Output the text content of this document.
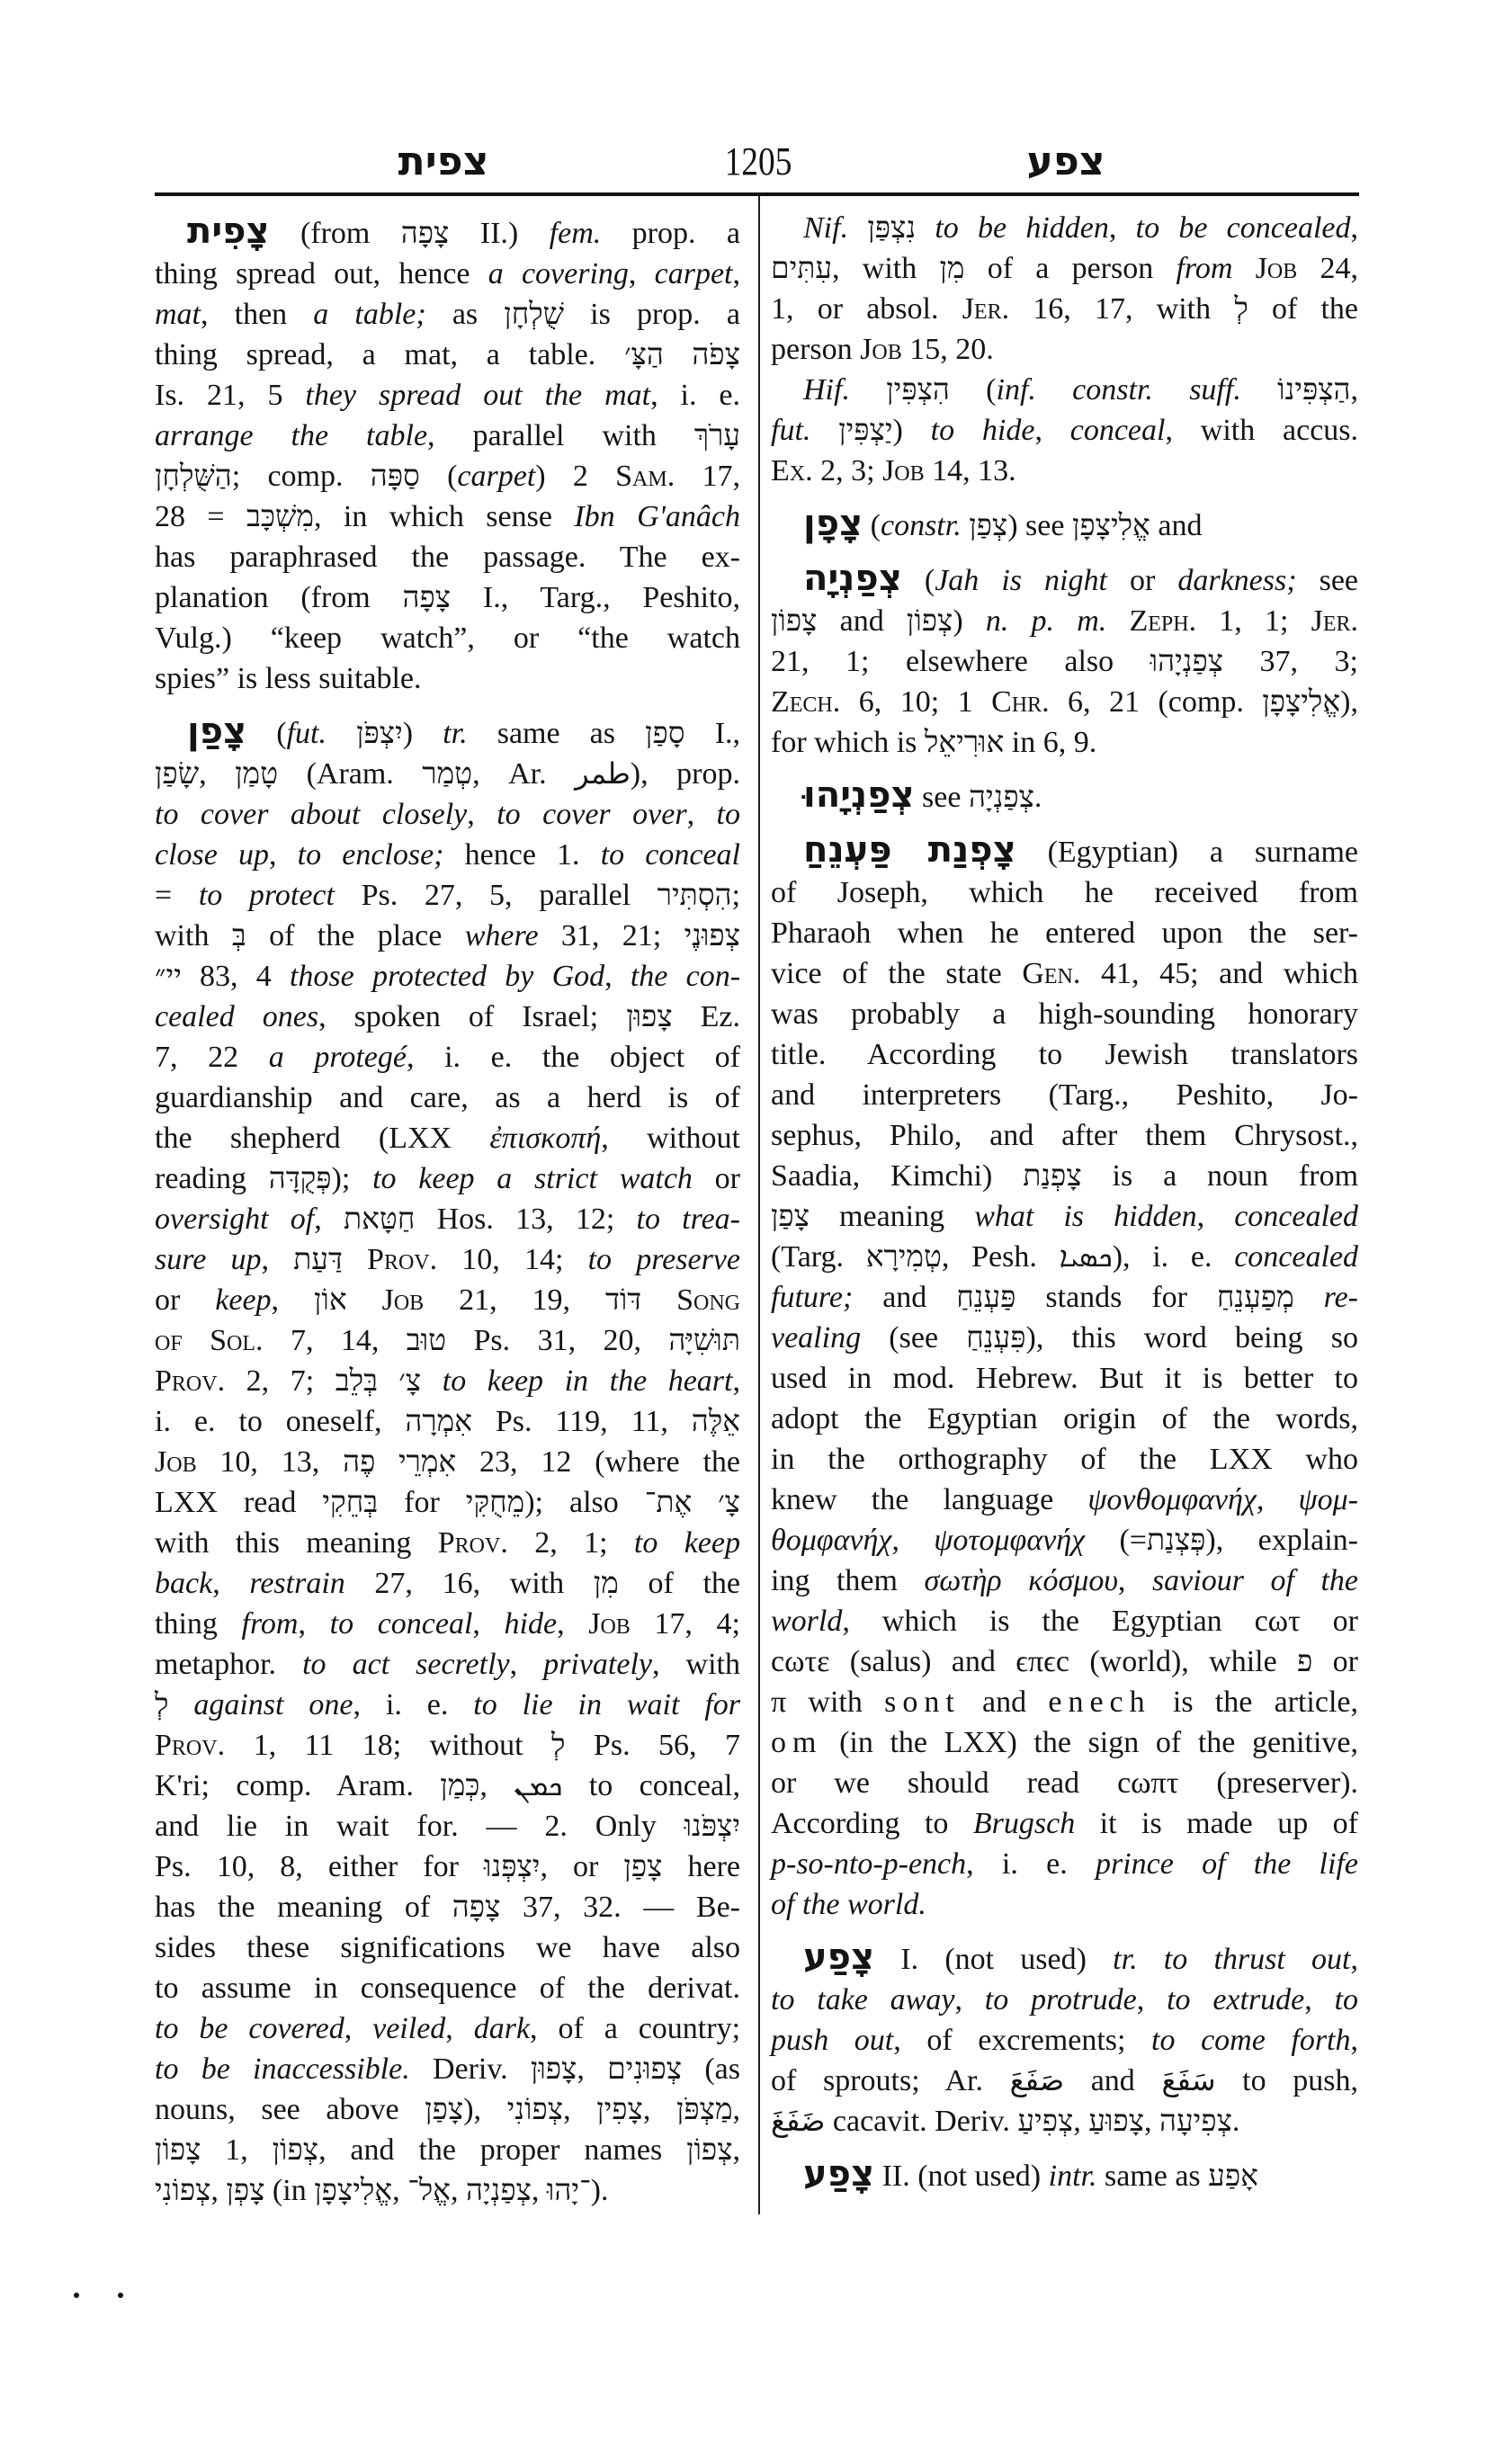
צפית	1205	צפע
צָפִית (from צָפָה II.) fem. prop. a
thing spread out, hence a covering, carpet,
mat, then a table; as שֻׁלְחָן is prop. a
thing spread, a mat, a table. צָפֹה הַצָּ׳
Is. 21, 5 they spread out the mat, i. e.
arrange the table, parallel with עָרֹךְ
הַשֻּׁלְחָן; comp. סַפָּה (carpet) 2 Sam. 17,
28 = מִשְׁכָּב, in which sense Ibn G'anâch
has paraphrased the passage. The ex-
planation (from צָפָה I., Targ., Peshito,
Vulg.) “keep watch”, or “the watch
spies” is less suitable.
צָפַן (fut. יִצְפֹּן) tr. same as סָפַן I.,
שָׂפַן, טָמַן (Aram. טְמַר, Ar. طمر), prop.
to cover about closely, to cover over, to
close up, to enclose; hence 1. to conceal
= to protect Ps. 27, 5, parallel הִסְתִּיר;
with בְּ of the place where 31, 21; צְפוּנֶי
יי״ 83, 4 those protected by God, the con-
cealed ones, spoken of Israel; צָפוּן Ez.
7, 22 a protegé, i. e. the object of
guardianship and care, as a herd is of
the shepherd (LXX ἐπισκοπή, without
reading פְּקֻדָּה); to keep a strict watch or
oversight of, חַטָּאת Hos. 13, 12; to trea-
sure up, דַּעַת Prov. 10, 14; to preserve
or keep, אוֹן Job 21, 19, דּוֹד Song
of Sol. 7, 14, טוּב Ps. 31, 20, תּוּשִׁיָּה
Prov. 2, 7; צָ׳ בְּלֵב to keep in the heart,
i. e. to oneself, אִמְרָה Ps. 119, 11, אֵלֶּה
Job 10, 13, אִמְרֵי פֶה 23, 12 (where the
LXX read בְּחֵקִי for מֵחֻקִּי); also צָ׳ אֶת־
with this meaning Prov. 2, 1; to keep
back, restrain 27, 16, with מִן of the
thing from, to conceal, hide, Job 17, 4;
metaphor. to act secretly, privately, with
לְ against one, i. e. to lie in wait for
Prov. 1, 11 18; without לְ Ps. 56, 7
K'ri; comp. Aram. כְּמַן, ܟܡܢ to conceal,
and lie in wait for. — 2. Only יִצְפֹּנוּ
Ps. 10, 8, either for יִצְפְּנוּ, or צָפַן here
has the meaning of צָפָה 37, 32. — Be-
sides these significations we have also
to assume in consequence of the derivat.
to be covered, veiled, dark, of a country;
to be inaccessible. Deriv. צָפוּן, צְפוּנִים (as
nouns, see above צָפַן), צְפוֹנִי, צָפִין, מַצְפֹּן,
צָפוֹן 1, צְפוֹן, and the proper names צְפוֹן,
צְפוֹנִי, צָפְן (in אֱלִיצָפָן, אֱל־, צְפַנְיָה, ־יָהוּ).
Nif. נִצְפַּן to be hidden, to be concealed,
עִתִּים, with מִן of a person from Job 24,
1, or absol. Jer. 16, 17, with לְ of the
person Job 15, 20.
Hif. הִצְפִּין (inf. constr. suff. הַצְפִּינוֹ,
fut. יַצְפִּין) to hide, conceal, with accus.
Ex. 2, 3; Job 14, 13.
צָפָן (constr. צְפַן) see אֱלִיצָפָן and
צְפַנְיָה (Jah is night or darkness; see
צָפוֹן and צְפוֹן) n. p. m. Zeph. 1, 1; Jer.
21, 1; elsewhere also צְפַנְיָהוּ 37, 3;
Zech. 6, 10; 1 Chr. 6, 21 (comp. אֱלִיצָפָן),
for which is אוּרִיאֵל in 6, 9.
צְפַנְיָהוּ see צְפַנְיָה.
צָפְנַת פַּעְנֵחַ (Egyptian) a surname
of Joseph, which he received from
Pharaoh when he entered upon the ser-
vice of the state Gen. 41, 45; and which
was probably a high-sounding honorary
title. According to Jewish translators
and interpreters (Targ., Peshito, Jo-
sephus, Philo, and after them Chrysost.,
Saadia, Kimchi) צָפְנַת is a noun from
צָפַן meaning what is hidden, concealed
(Targ. טְמִירָא, Pesh. ܟܣܝܐ), i. e. concealed
future; and פַּעְנֵחַ stands for מְפַעְנֵחַ re-
vealing (see פִּעְנֵחַ), this word being so
used in mod. Hebrew. But it is better to
adopt the Egyptian origin of the words,
in the orthography of the LXX who
knew the language ψονθομφανήχ, ψομ-
θομφανήχ, ψοτομφανήχ (=פְּצְנַת), explain-
ing them σωτὴρ κόσμου, saviour of the
world, which is the Egyptian cωτ or
cωτε (salus) and ϵπϵc (world), while פ or
π with sont and enech is the article,
om (in the LXX) the sign of the genitive,
or we should read cωπτ (preserver).
According to Brugsch it is made up of
p-so-nto-p-ench, i. e. prince of the life
of the world.
צָפַע I. (not used) tr. to thrust out,
to take away, to protrude, to extrude, to
push out, of excrements; to come forth,
of sprouts; Ar. صَفَعَ and سَفَعَ to push,
ضَفَغَ cacavit. Deriv. צְפִיעַ, צָפוּעַ, צְפִיעָה.
צָפַע II. (not used) intr. same as אָפַע
